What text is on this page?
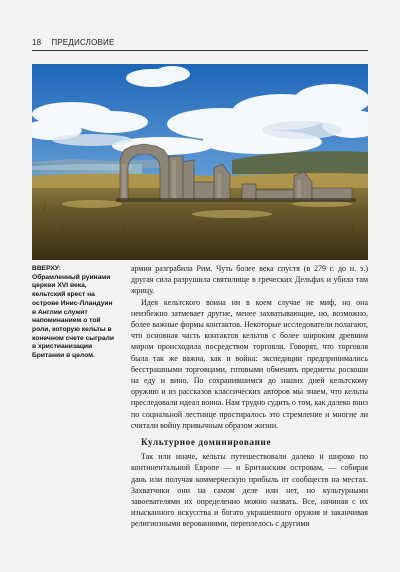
18 ПРЕДИСЛОВИЕ
ВВЕРХУ:
Обрамленный руинами церкви XVI века, кельтский крест на острове Инис-Лландуин в Англии служит напоминанием о той роли, которую кельты в конечном счете сыграли в христианизации Британии в целом.

армия разграбила Рим. Чуть более века спустя (в 279 г. до н. э.) другая сила разрушила святилище в греческих Дельфах и убила там жрицу.

Идея кельтского воина ни в коем случае не миф, но она неизбежно затмевает другие, менее захватывающие, но, возможно, более важные формы контактов. Некоторые исследователи полагают, что основная часть контактов кельтов с более широким древним миром происходила посредством торговли. Говорят, что торговля была так же важна, как и война: экспедиции предпринимались бесстрашными торговцами, готовыми обменять предметы роскоши на еду и вино. По сохранившимся до наших дней кельтскому оружию и из рассказов классических авторов мы знаем, что кельты преследовали идеал воина. Нам трудно судить о том, как далеко вниз по социальной лестнице простиралось это стремление и многие ли считали войну привычным образом жизни.

Культурное доминирование

Так или иначе, кельты путешествовали далеко и широко по континентальной Европе — и Британским островам, — собирая дань или получая коммерческую прибыль от сообществ на местах. Захватчики они на самом деле или нет, но культурными завоевателями их определенно можно назвать. Все, начиная с их изысканного искусства и богато украшенного оружия и заканчивая религиозными верованиями, переплелось с другими
